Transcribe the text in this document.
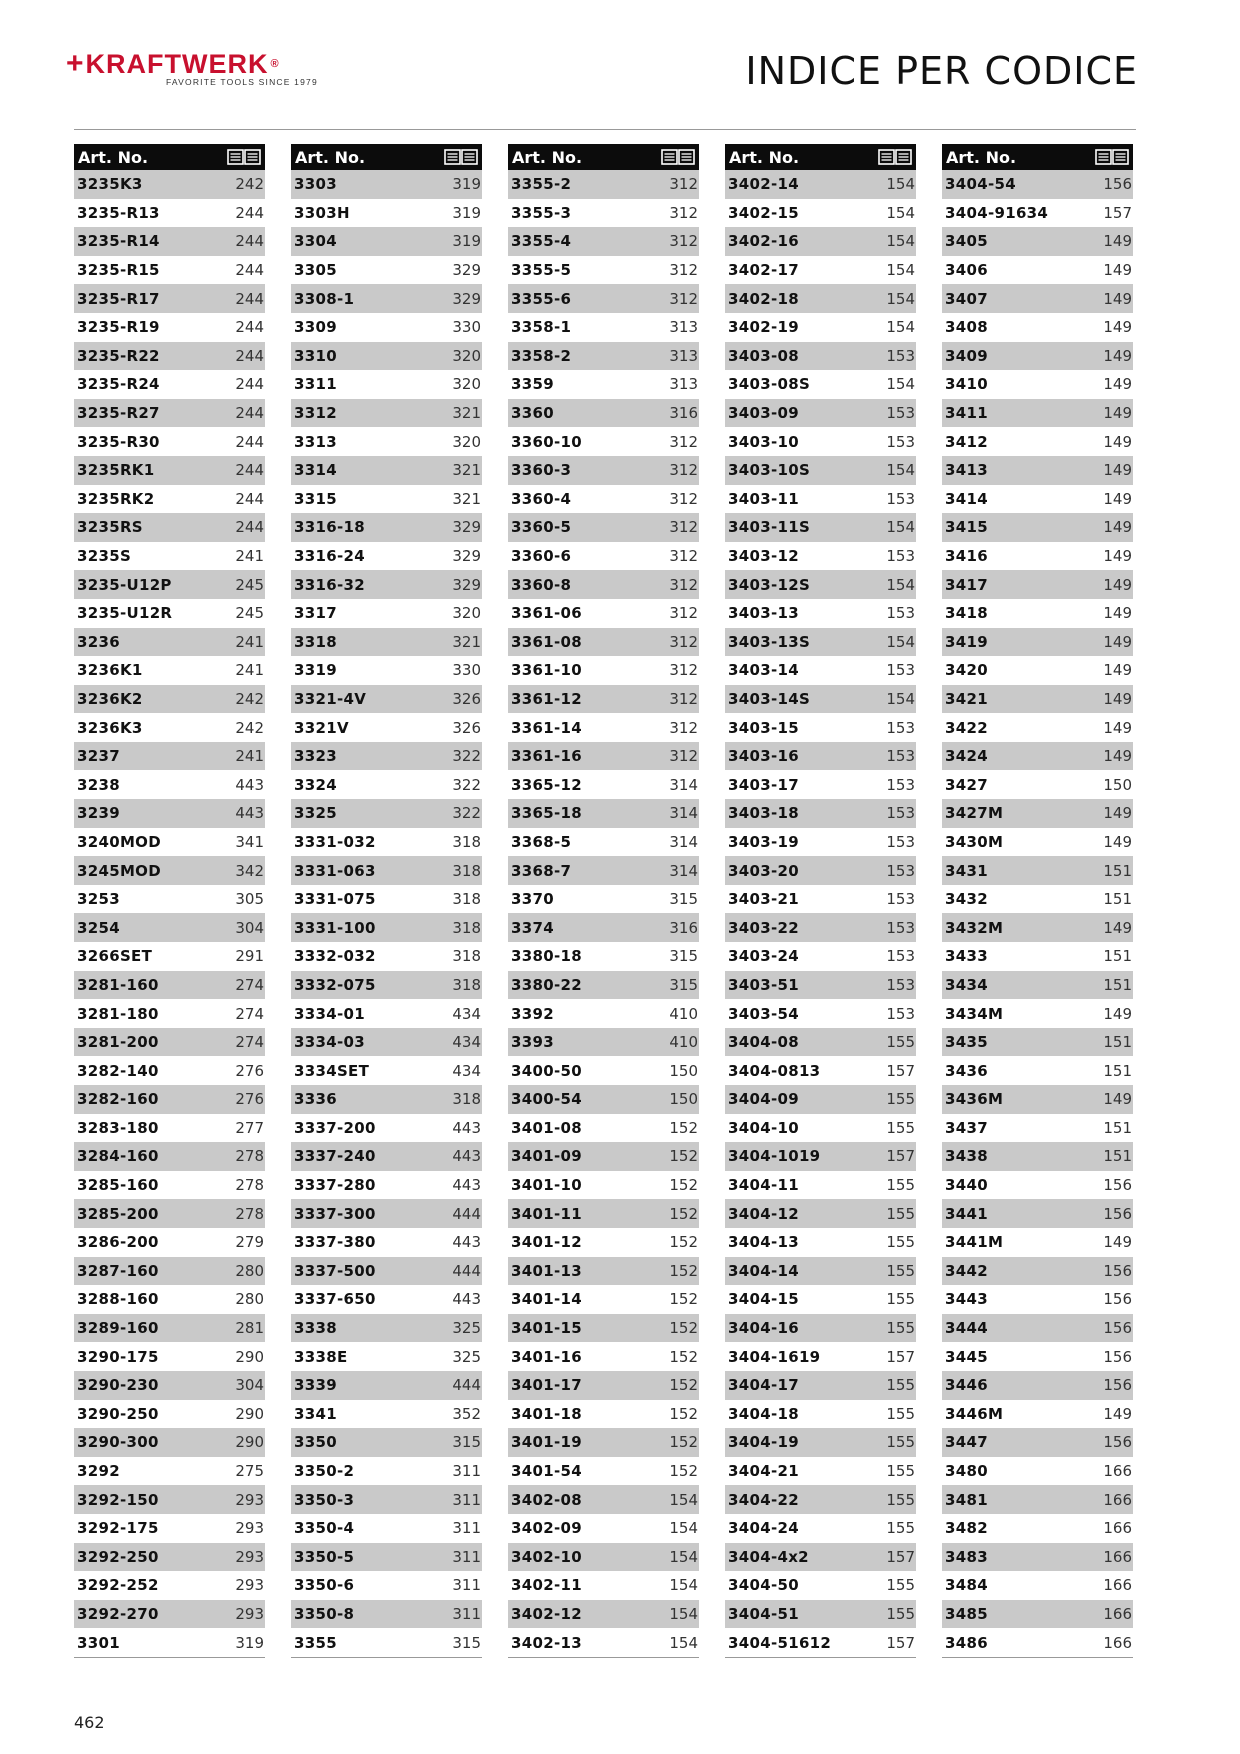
+ KRAFTWERK ®
FAVORITE TOOLS SINCE 1979	INDICE PER CODICE
Art. No.
3235K3	242
3235-R13	244
3235-R14	244
3235-R15	244
3235-R17	244
3235-R19	244
3235-R22	244
3235-R24	244
3235-R27	244
3235-R30	244
3235RK1	244
3235RK2	244
3235RS	244
3235S	241
3235-U12P	245
3235-U12R	245
3236	241
3236K1	241
3236K2	242
3236K3	242
3237	241
3238	443
3239	443
3240MOD	341
3245MOD	342
3253	305
3254	304
3266SET	291
3281-160	274
3281-180	274
3281-200	274
3282-140	276
3282-160	276
3283-180	277
3284-160	278
3285-160	278
3285-200	278
3286-200	279
3287-160	280
3288-160	280
3289-160	281
3290-175	290
3290-230	304
3290-250	290
3290-300	290
3292	275
3292-150	293
3292-175	293
3292-250	293
3292-252	293
3292-270	293
3301	319
Art. No.
3303	319
3303H	319
3304	319
3305	329
3308-1	329
3309	330
3310	320
3311	320
3312	321
3313	320
3314	321
3315	321
3316-18	329
3316-24	329
3316-32	329
3317	320
3318	321
3319	330
3321-4V	326
3321V	326
3323	322
3324	322
3325	322
3331-032	318
3331-063	318
3331-075	318
3331-100	318
3332-032	318
3332-075	318
3334-01	434
3334-03	434
3334SET	434
3336	318
3337-200	443
3337-240	443
3337-280	443
3337-300	444
3337-380	443
3337-500	444
3337-650	443
3338	325
3338E	325
3339	444
3341	352
3350	315
3350-2	311
3350-3	311
3350-4	311
3350-5	311
3350-6	311
3350-8	311
3355	315
Art. No.
3355-2	312
3355-3	312
3355-4	312
3355-5	312
3355-6	312
3358-1	313
3358-2	313
3359	313
3360	316
3360-10	312
3360-3	312
3360-4	312
3360-5	312
3360-6	312
3360-8	312
3361-06	312
3361-08	312
3361-10	312
3361-12	312
3361-14	312
3361-16	312
3365-12	314
3365-18	314
3368-5	314
3368-7	314
3370	315
3374	316
3380-18	315
3380-22	315
3392	410
3393	410
3400-50	150
3400-54	150
3401-08	152
3401-09	152
3401-10	152
3401-11	152
3401-12	152
3401-13	152
3401-14	152
3401-15	152
3401-16	152
3401-17	152
3401-18	152
3401-19	152
3401-54	152
3402-08	154
3402-09	154
3402-10	154
3402-11	154
3402-12	154
3402-13	154
Art. No.
3402-14	154
3402-15	154
3402-16	154
3402-17	154
3402-18	154
3402-19	154
3403-08	153
3403-08S	154
3403-09	153
3403-10	153
3403-10S	154
3403-11	153
3403-11S	154
3403-12	153
3403-12S	154
3403-13	153
3403-13S	154
3403-14	153
3403-14S	154
3403-15	153
3403-16	153
3403-17	153
3403-18	153
3403-19	153
3403-20	153
3403-21	153
3403-22	153
3403-24	153
3403-51	153
3403-54	153
3404-08	155
3404-0813	157
3404-09	155
3404-10	155
3404-1019	157
3404-11	155
3404-12	155
3404-13	155
3404-14	155
3404-15	155
3404-16	155
3404-1619	157
3404-17	155
3404-18	155
3404-19	155
3404-21	155
3404-22	155
3404-24	155
3404-4x2	157
3404-50	155
3404-51	155
3404-51612	157
Art. No.
3404-54	156
3404-91634	157
3405	149
3406	149
3407	149
3408	149
3409	149
3410	149
3411	149
3412	149
3413	149
3414	149
3415	149
3416	149
3417	149
3418	149
3419	149
3420	149
3421	149
3422	149
3424	149
3427	150
3427M	149
3430M	149
3431	151
3432	151
3432M	149
3433	151
3434	151
3434M	149
3435	151
3436	151
3436M	149
3437	151
3438	151
3440	156
3441	156
3441M	149
3442	156
3443	156
3444	156
3445	156
3446	156
3446M	149
3447	156
3480	166
3481	166
3482	166
3483	166
3484	166
3485	166
3486	166
462
